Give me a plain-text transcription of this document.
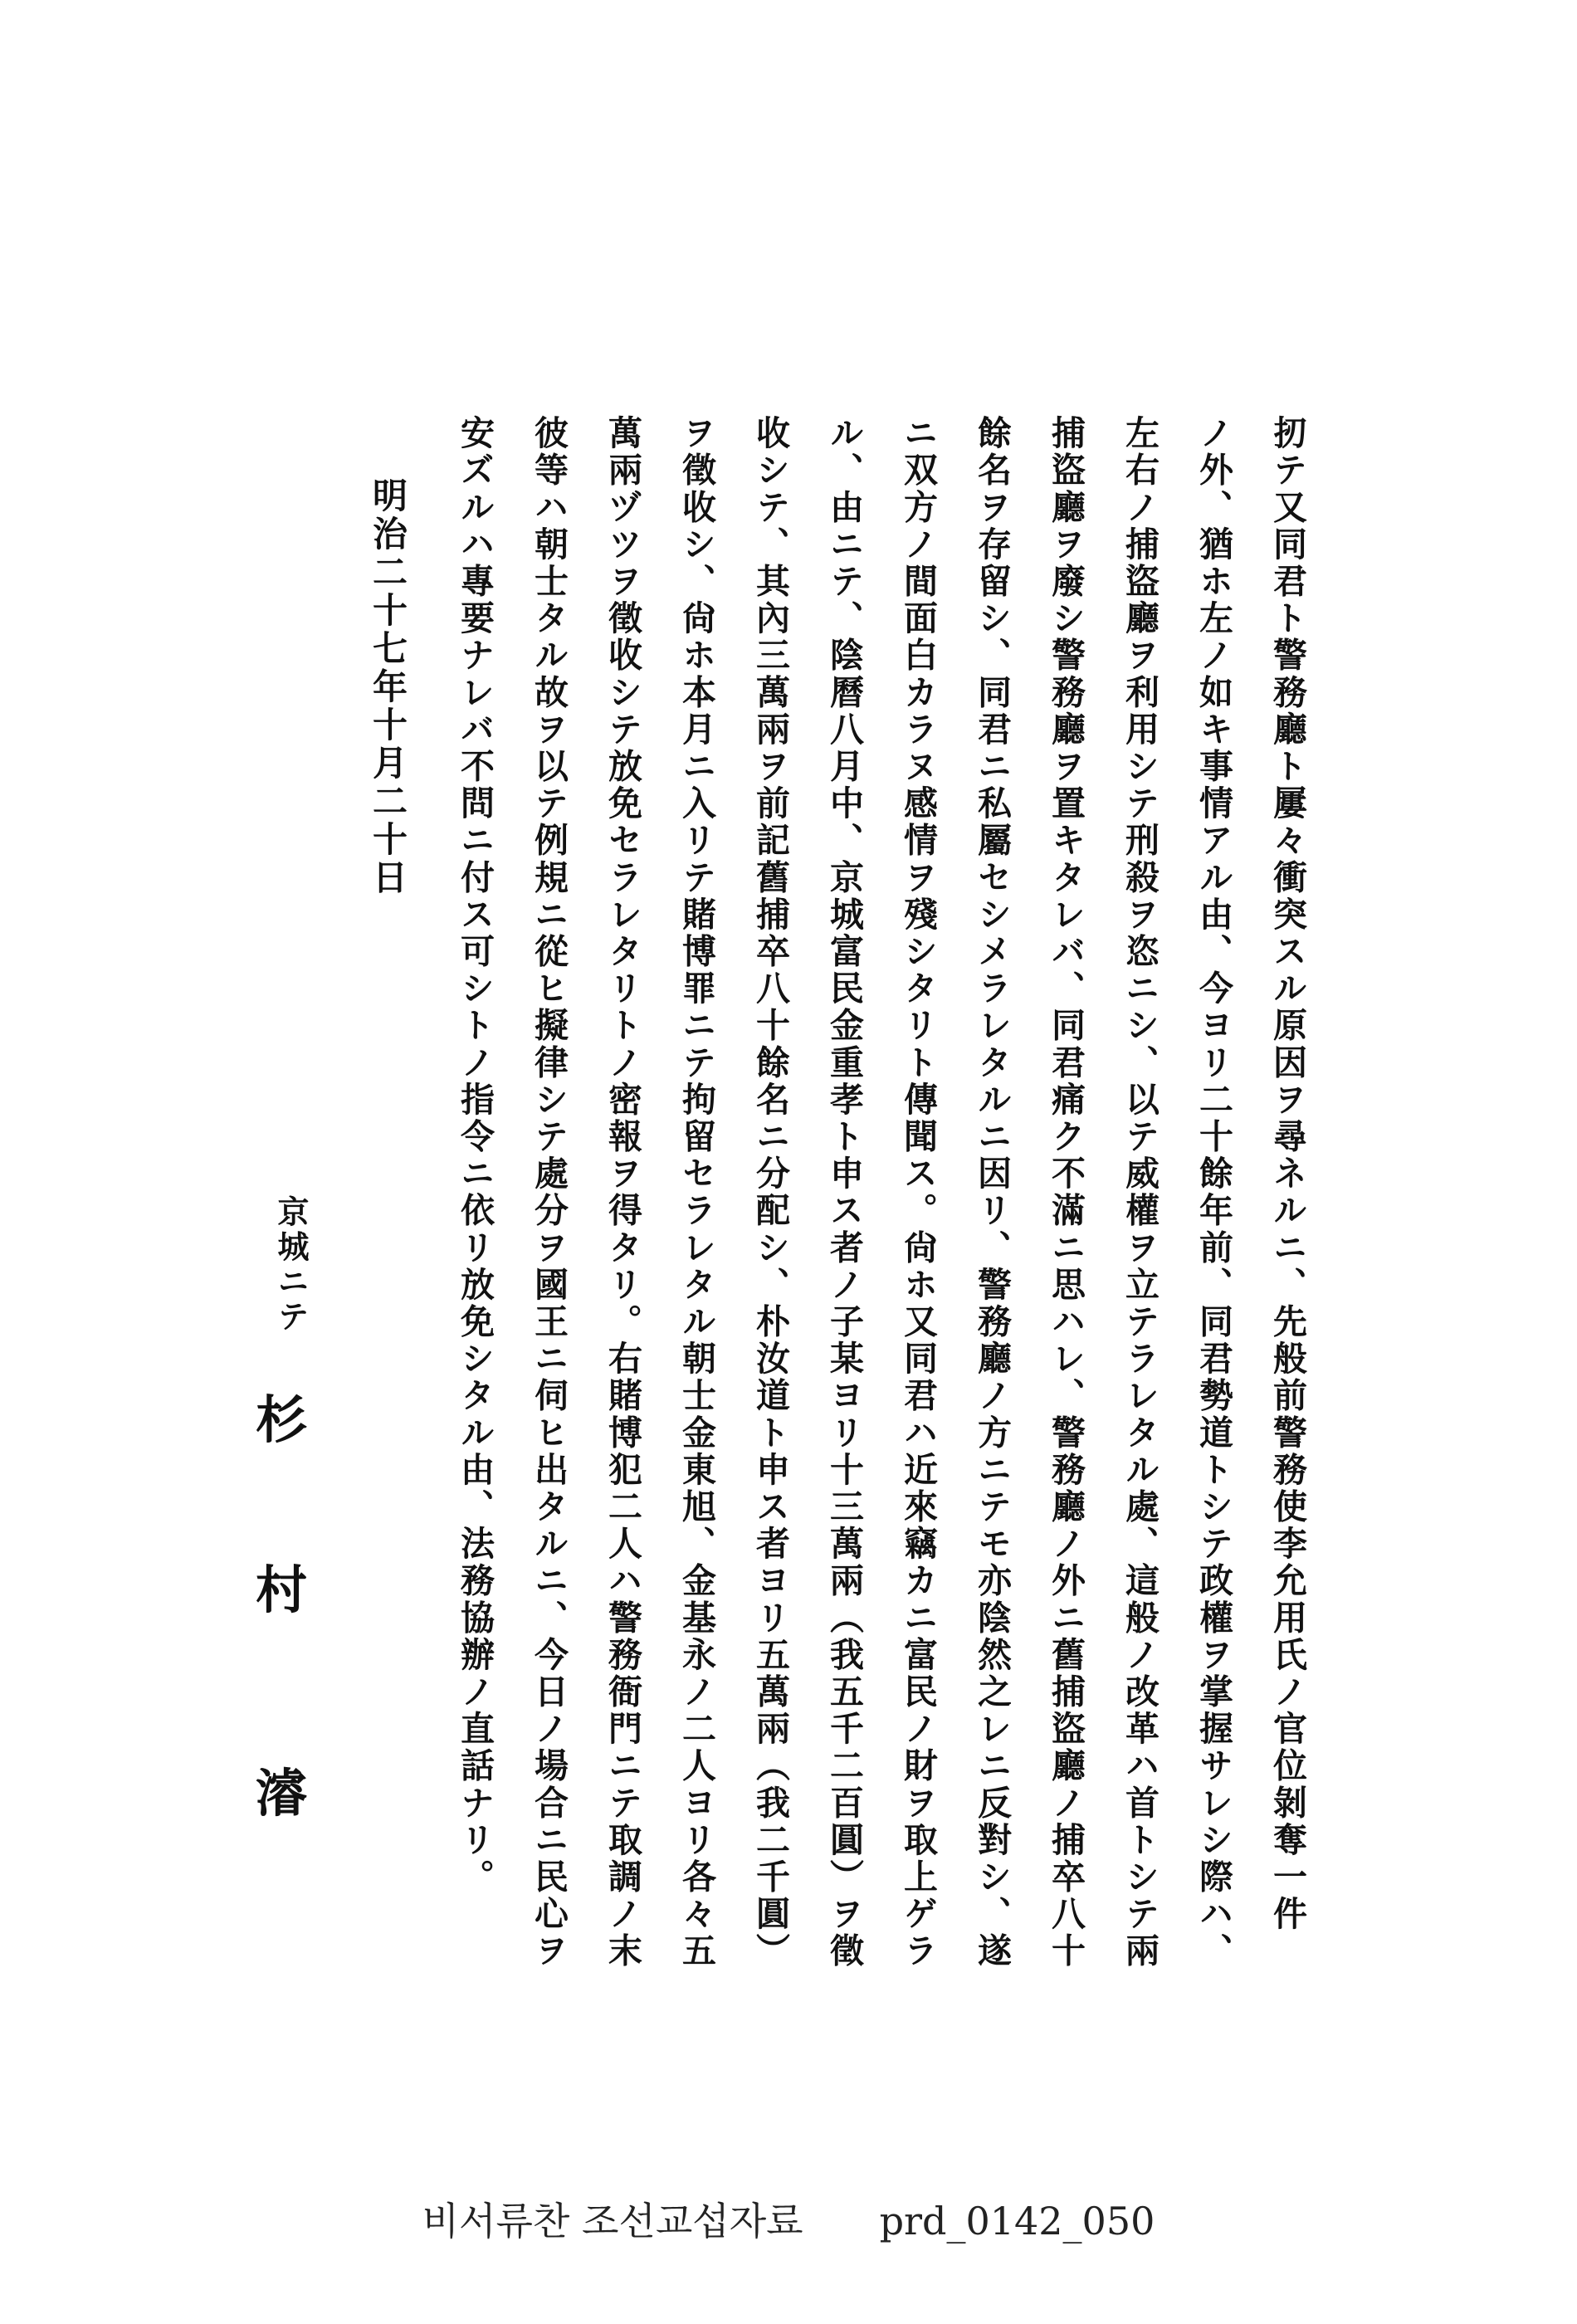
扨テ又同君ト警務廳ト屢々衝突スル原因ヲ尋ネルニ、先般前警務使李允用氏ノ官位剝奪一件
ノ外、猶ホ左ノ如キ事情アル由、今ヨリ二十餘年前、同君勢道トシテ政權ヲ掌握サレシ際ハ、
左右ノ捕盜廳ヲ利用シテ刑殺ヲ恣ニシ、以テ威權ヲ立テラレタル處、這般ノ改革ハ首トシテ兩
捕盜廳ヲ廢シ警務廳ヲ置キタレバ、同君痛ク不滿ニ思ハレ、警務廳ノ外ニ舊捕盜廳ノ捕卒八十
餘名ヲ存留シ、同君ニ私屬セシメラレタルニ因リ、警務廳ノ方ニテモ亦陰然之レニ反對シ、遂
ニ双方ノ間面白カラヌ感情ヲ殘シタリト傳聞ス。尙ホ又同君ハ近來竊カニ富民ノ財ヲ取上ゲラ
ル、由ニテ、陰曆八月中、京城富民金重孝ト申ス者ノ子某ヨリ十三萬兩（我五千二百圓）ヲ徵
收シテ、其內三萬兩ヲ前記舊捕卒八十餘名ニ分配シ、朴汝道ト申ス者ヨリ五萬兩（我二千圓）
ヲ徵收シ、尙ホ本月ニ入リテ賭博罪ニテ拘留セラレタル朝士金東旭、金基永ノ二人ヨリ各々五
萬兩ヅツヲ徵收シテ放免セラレタリトノ密報ヲ得タリ。右賭博犯二人ハ警務衙門ニテ取調ノ末
彼等ハ朝士タル故ヲ以テ例規ニ從ヒ擬律シテ處分ヲ國王ニ伺ヒ出タルニ、今日ノ場合ニ民心ヲ
安ズルハ專要ナレバ不問ニ付ス可シトノ指令ニ依リ放免シタル由、法務協辦ノ直話ナリ。
明治二十七年十月二十日
京城ニテ
杉
村
濬
비서류찬 조선교섭자료　　prd_0142_050
